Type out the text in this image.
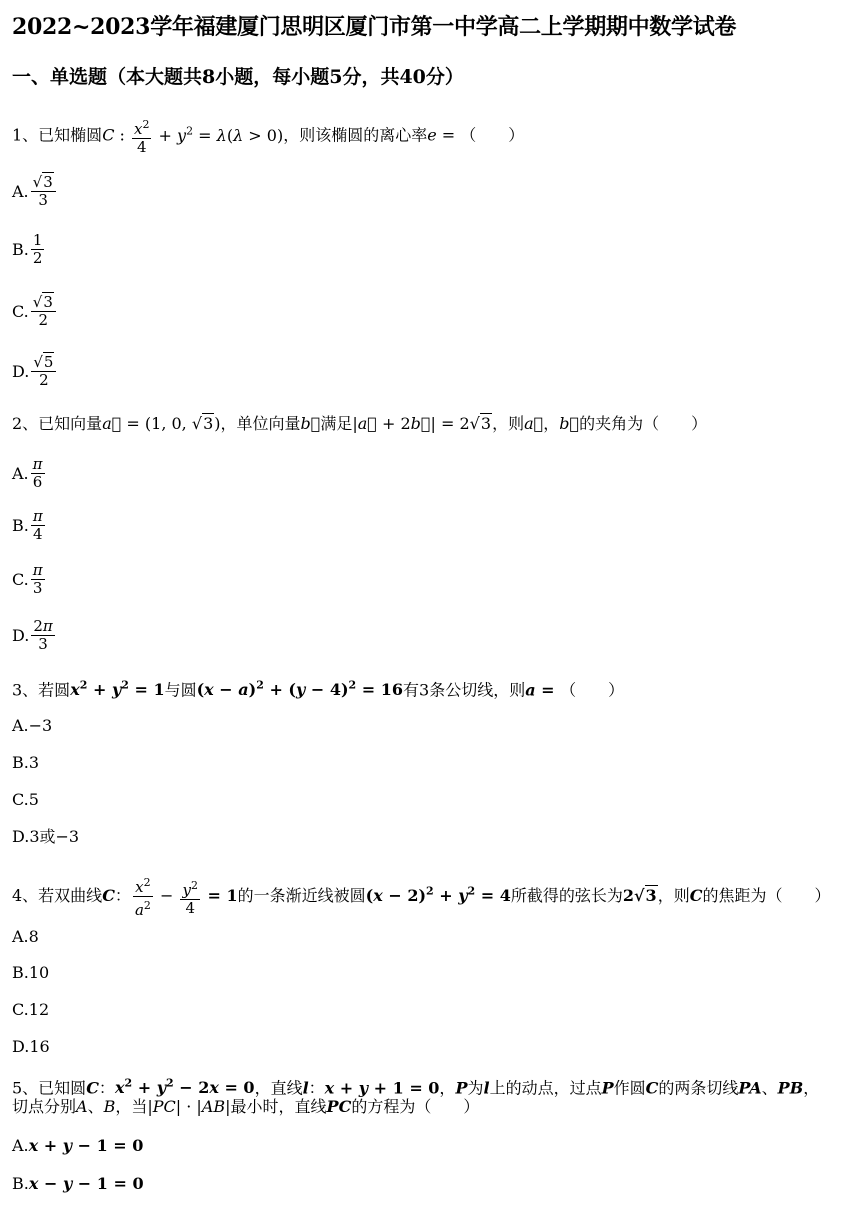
2022~2023学年福建厦门思明区厦门市第一中学高二上学期期中数学试卷
一、单选题（本大题共8小题，每小题5分，共40分）
1、已知椭圆C : $\frac{x^2}{4} + y^2 = \lambda(\lambda > 0)$，则该椭圆的离心率e = （　　）
A. $\frac{√3}{3}$
B. $\frac{1}{2}$
C. $\frac{√3}{2}$
D. $\frac{√5}{2}$
2、已知向量a⃗ = (1, 0, √3)，单位向量b⃗满足|a⃗ + 2b⃗| = 2√3，则a⃗，b⃗的夹角为（　　）
A. $\frac{\pi}{6}$
B. $\frac{\pi}{4}$
C. $\frac{\pi}{3}$
D. $\frac{2\pi}{3}$
3、若圆$x^2 + y^2 = 1$与圆$(x - a)^2 + (y - 4)^2 = 16$有3条公切线，则a = （　　）
A.−3
B.3
C.5
D.3或−3
4、若双曲线C： $\frac{x^2}{a^2} - \frac{y^2}{4} = 1$的一条渐近线被圆$(x - 2)^2 + y^2 = 4$所截得的弦长为2√3，则C的焦距为（　　）
A.8
B.10
C.12
D.16
5、已知圆C：$x^2 + y^2 - 2x = 0$，直线l：x + y + 1 = 0，P为l上的动点，过点P作圆C的两条切线PA、PB，
切点分别A、B，当|PC| · |AB|最小时，直线PC的方程为（　　）
A.x + y − 1 = 0
B.x − y − 1 = 0
